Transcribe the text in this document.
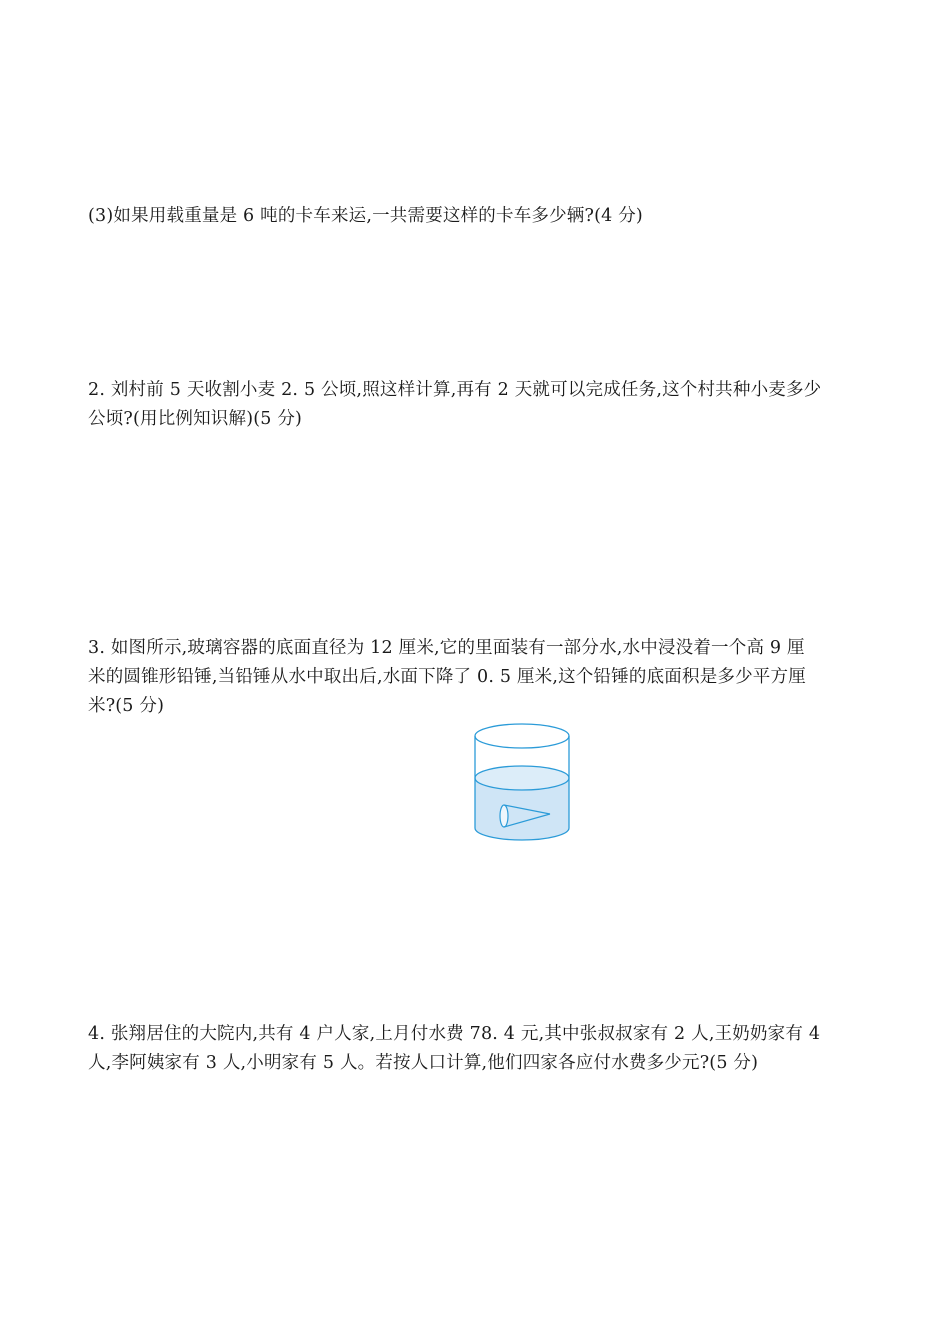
(3)如果用载重量是 6 吨的卡车来运,一共需要这样的卡车多少辆?(4 分)
2. 刘村前 5 天收割小麦 2. 5 公顷,照这样计算,再有 2 天就可以完成任务,这个村共种小麦多少
公顷?(用比例知识解)(5 分)
3. 如图所示,玻璃容器的底面直径为 12 厘米,它的里面装有一部分水,水中浸没着一个高 9 厘
米的圆锥形铅锤,当铅锤从水中取出后,水面下降了 0. 5 厘米,这个铅锤的底面积是多少平方厘
米?(5 分)
4. 张翔居住的大院内,共有 4 户人家,上月付水费 78. 4 元,其中张叔叔家有 2 人,王奶奶家有 4
人,李阿姨家有 3 人,小明家有 5 人。若按人口计算,他们四家各应付水费多少元?(5 分)
